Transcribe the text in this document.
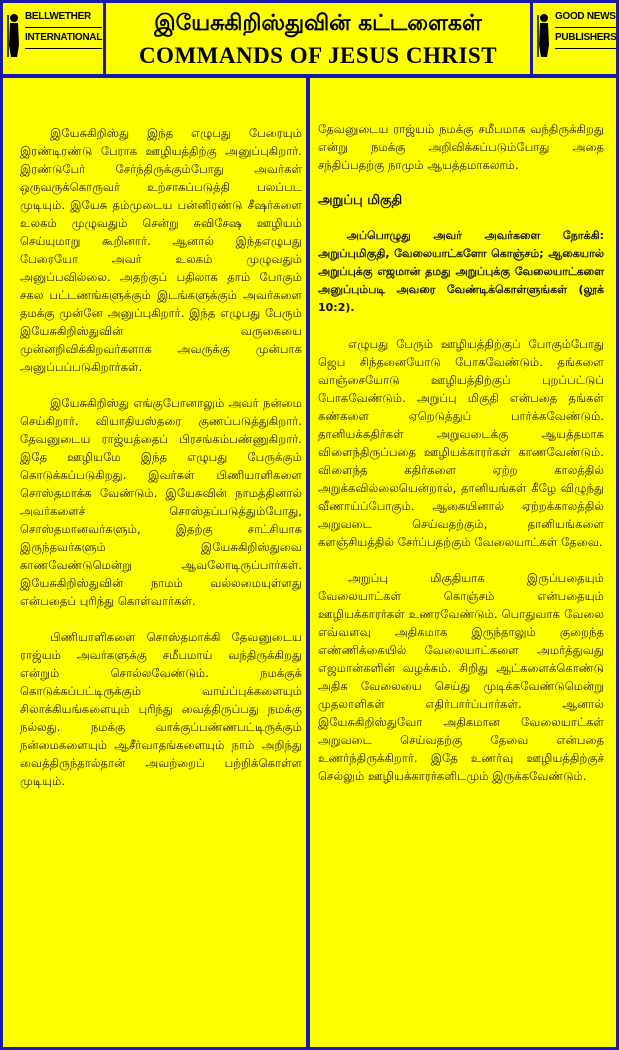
BELLWETHER
INTERNATIONAL
இயேசுகிறிஸ்துவின் கட்டளைகள்
COMMANDS OF JESUS CHRIST
GOOD NEWS
PUBLISHERS

இயேசுகிறிஸ்து இந்த எழுபது பேரையும் இரண்டிரண்டு பேராக ஊழியத்திற்கு அனுப்புகிறார். இரண்டுபேர் சேர்ந்திருக்கும்போது அவர்கள் ஒருவருக்கொருவர் உற்சாகப்படுத்தி பலப்பட முடியும். இயேசு தம்முடைய பன்னிரண்டு சீஷர்களை உலகம் முழுவதும் சென்று சுவிசேஷ ஊழியம் செய்யுமாறு கூறினார். ஆனால் இந்தஎழுபது பேரையோ அவர் உலகம் முழுவதும் அனுப்பவில்லை. அதற்குப் பதிலாக தாம் போகும் சகல பட்டணங்களுக்கும் இடங்களுக்கும் அவர்களை தமக்கு முன்னே அனுப்புகிறார். இந்த எழுபது பேரும் இயேசுகிறிஸ்துவின் வருகையை முன்னறிவிக்கிறவர்களாக அவருக்கு முன்பாக அனுப்பப்படுகிறார்கள்.

இயேசுகிறிஸ்து எங்குபோனாலும் அவர் நன்மை செய்கிறார். வியாதியஸ்தரை குணப்படுத்துகிறார். தேவனுடைய ராஜ்யத்தைப் பிரசங்கம்பண்ணுகிறார். இதே ஊழியமே இந்த எழுபது பேருக்கும் கொடுக்கப்படுகிறது. இவர்கள் பிணியாளிகளை சொஸ்தமாக்க வேண்டும். இயேசுவின் நாமத்தினால் அவர்களைச் சொஸ்தப்படுத்தும்போது, சொஸ்தமானவர்களும், இதற்கு சாட்சியாக இருந்தவர்களும் இயேசுகிறிஸ்துவை காணவேண்டுமென்று ஆவலோடிருப்பார்கள். இயேசுகிறிஸ்துவின் நாமம் வல்லமையுள்ளது என்பதைப் புரிந்து கொள்வார்கள்.

பிணியாளிகளை சொஸ்தமாக்கி தேவனுடைய ராஜ்யம் அவர்களுக்கு சமீபமாய் வந்திருக்கிறது என்றும் சொல்லவேண்டும். நமக்குக் கொடுக்கப்பட்டிருக்கும் வாய்ப்புக்களையும் சிலாக்கியங்களையும் புரிந்து வைத்திருப்பது நமக்கு நல்லது. நமக்கு வாக்குப்பண்ணபட்டிருக்கும் நன்மைகளையும் ஆசீர்வாதங்களையும் நாம் அறிந்து வைத்திருந்தால்தான் அவற்றைப் பற்றிக்கொள்ள முடியும்.

தேவனுடைய ராஜ்யம் நமக்கு சமீபமாக வந்திருக்கிறது என்று நமக்கு அறிவிக்கப்படும்போது அதை சந்திப்பதற்கு நாமும் ஆயத்தமாகலாம்.

அறுப்பு மிகுதி

அப்பொழுது அவர் அவர்களை நோக்கி: அறுப்புமிகுதி, வேலையாட்களோ கொஞ்சம்; ஆகையால் அறுப்புக்கு எஜமான் தமது அறுப்புக்கு வேலையாட்களை அனுப்பும்படி அவரை வேண்டிக்கொள்ளுங்கள் (லூக் 10:2).

எழுபது பேரும் ஊழியத்திற்குப் போகும்போது ஜெப சிந்தனையோடு போகவேண்டும். தங்களை வாஞ்சையோடு ஊழியத்திற்குப் புறப்பட்டுப் போகவேண்டும். அறுப்பு மிகுதி என்பதை தங்கள் கண்களை ஏறெடுத்துப் பார்க்கவேண்டும். தானியக்கதிர்கள் அறுவடைக்கு ஆயத்தமாக விளைந்திருப்பதை ஊழியக்காரர்கள் காணவேண்டும். விளைந்த கதிர்களை ஏற்ற காலத்தில் அறுக்கவில்லையென்றால், தானியங்கள் கீழே விழுந்து வீணாய்ப்போகும். ஆகையினால் ஏற்றக்காலத்தில் அறுவடை செய்வதற்கும், தானியங்களை களஞ்சியத்தில் சேர்ப்பதற்கும் வேலையாட்கள் தேவை.

அறுப்பு மிகுதியாக இருப்பதையும் வேலையாட்கள் கொஞ்சம் என்பதையும் ஊழியக்காரர்கள் உணரவேண்டும். பொதுவாக வேலை எவ்வளவு அதிகமாக இருந்தாலும் குறைந்த எண்ணிக்கையில் வேலையாட்களை அமர்த்துவது எஜமான்களின் வழக்கம். சிறிது ஆட்களைக்கொண்டு அதிக வேலையை செய்து முடிக்கவேண்டுமென்று முதலாளிகள் எதிர்பார்ப்பார்கள். ஆனால் இயேசுகிறிஸ்துவோ அதிகமான வேலையாட்கள் அறுவடை செய்வதற்கு தேவை என்பதை உணர்ந்திருக்கிறார். இதே உணர்வு ஊழியத்திற்குச் செல்லும் ஊழியக்காரர்களிடமும் இருக்கவேண்டும்.
